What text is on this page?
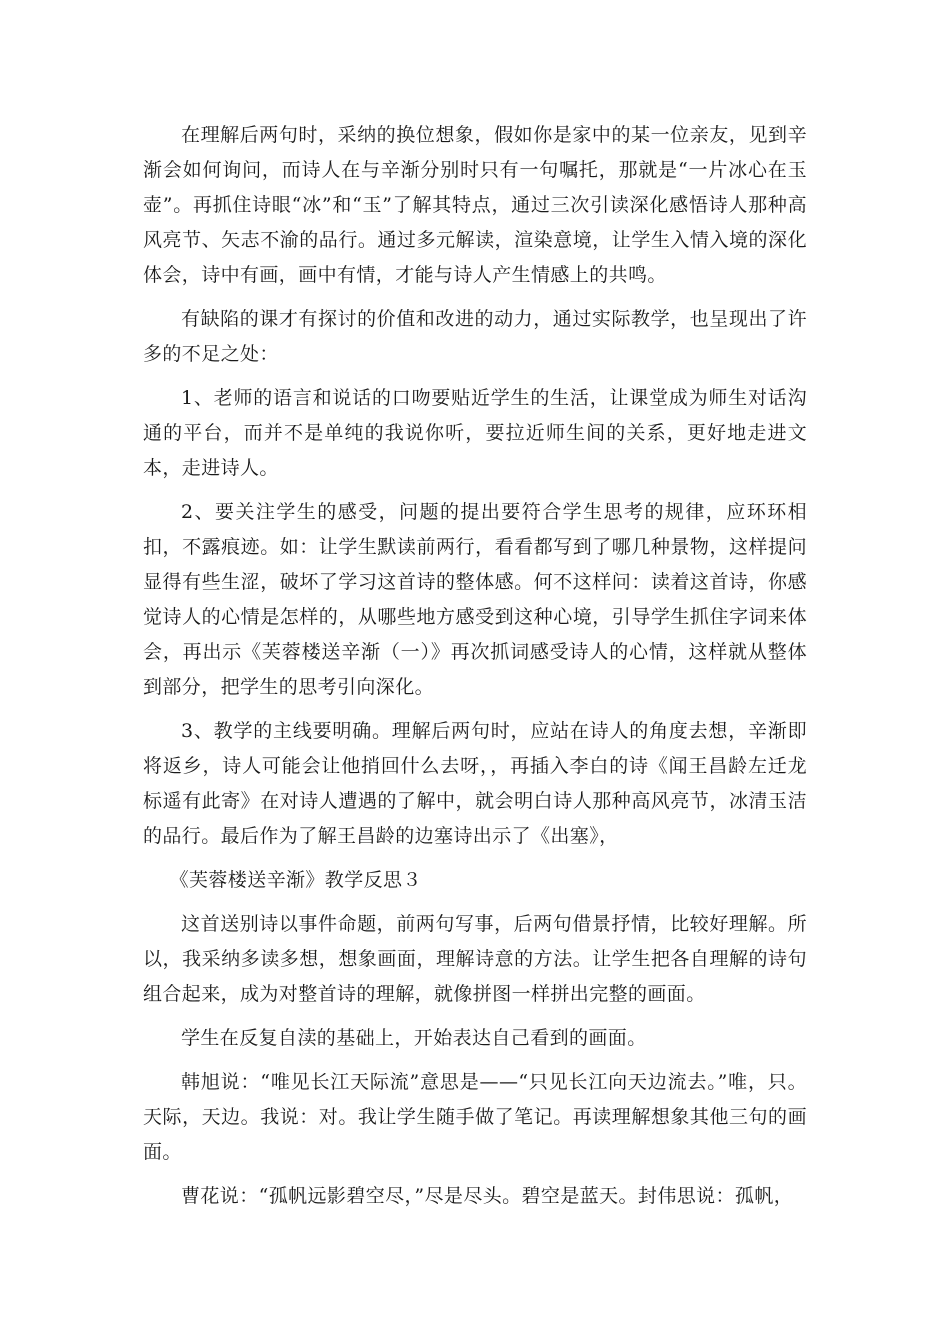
在理解后两句时，采纳的换位想象，假如你是家中的某一位亲友，见到辛渐会如何询问，而诗人在与辛渐分别时只有一句嘱托，那就是“一片冰心在玉壶”。再抓住诗眼“冰”和“玉”了解其特点，通过三次引读深化感悟诗人那种高风亮节、矢志不渝的品行。通过多元解读，渲染意境，让学生入情入境的深化体会，诗中有画，画中有情，才能与诗人产生情感上的共鸣。

有缺陷的课才有探讨的价值和改进的动力，通过实际教学，也呈现出了许多的不足之处：

1、老师的语言和说话的口吻要贴近学生的生活，让课堂成为师生对话沟通的平台，而并不是单纯的我说你听，要拉近师生间的关系，更好地走进文本，走进诗人。

2、要关注学生的感受，问题的提出要符合学生思考的规律，应环环相扣，不露痕迹。如：让学生默读前两行，看看都写到了哪几种景物，这样提问显得有些生涩，破坏了学习这首诗的整体感。何不这样问：读着这首诗，你感觉诗人的心情是怎样的，从哪些地方感受到这种心境，引导学生抓住字词来体会，再出示《芙蓉楼送辛渐（一）》再次抓词感受诗人的心情，这样就从整体到部分，把学生的思考引向深化。

3、教学的主线要明确。理解后两句时，应站在诗人的角度去想，辛渐即将返乡，诗人可能会让他捎回什么去呀，，再插入李白的诗《闻王昌龄左迁龙标遥有此寄》在对诗人遭遇的了解中，就会明白诗人那种高风亮节，冰清玉洁的品行。最后作为了解王昌龄的边塞诗出示了《出塞》，

《芙蓉楼送辛渐》教学反思３

这首送别诗以事件命题，前两句写事，后两句借景抒情，比较好理解。所以，我采纳多读多想，想象画面，理解诗意的方法。让学生把各自理解的诗句组合起来，成为对整首诗的理解，就像拼图一样拼出完整的画面。

学生在反复自渎的基础上，开始表达自己看到的画面。

韩旭说：“唯见长江天际流”意思是——“只见长江向天边流去。”唯，只。天际，天边。我说：对。我让学生随手做了笔记。再读理解想象其他三句的画面。

曹花说：“孤帆远影碧空尽，”尽是尽头。碧空是蓝天。封伟思说：孤帆，
